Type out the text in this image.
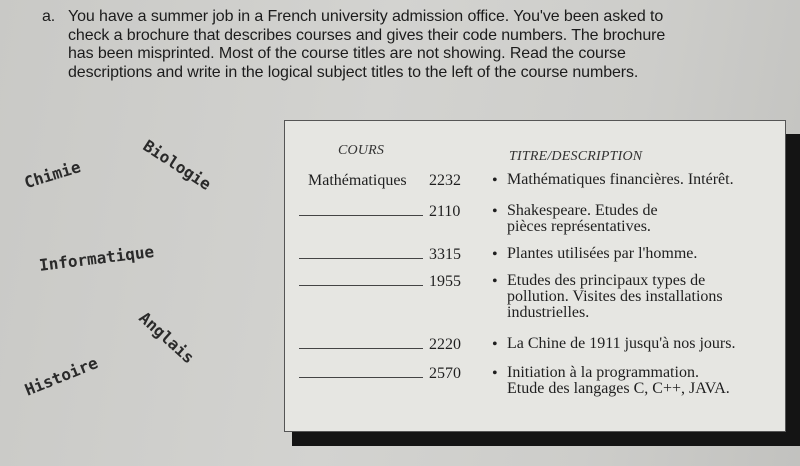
a. You have a summer job in a French university admission office. You've been asked to
check a brochure that describes courses and gives their code numbers. The brochure
has been misprinted. Most of the course titles are not showing. Read the course
descriptions and write in the logical subject titles to the left of the course numbers.
Chimie	Biologie
Informatique
Anglais
Histoire
COURS	TITRE/DESCRIPTION
Mathématiques 2232 • Mathématiques financières. Intérêt.
2110 • Shakespeare. Etudes de
pièces représentatives.
3315 • Plantes utilisées par l'homme.
1955 • Etudes des principaux types de
pollution. Visites des installations
industrielles.
2220 • La Chine de 1911 jusqu'à nos jours.
2570 • Initiation à la programmation.
Etude des langages C, C++, JAVA.
